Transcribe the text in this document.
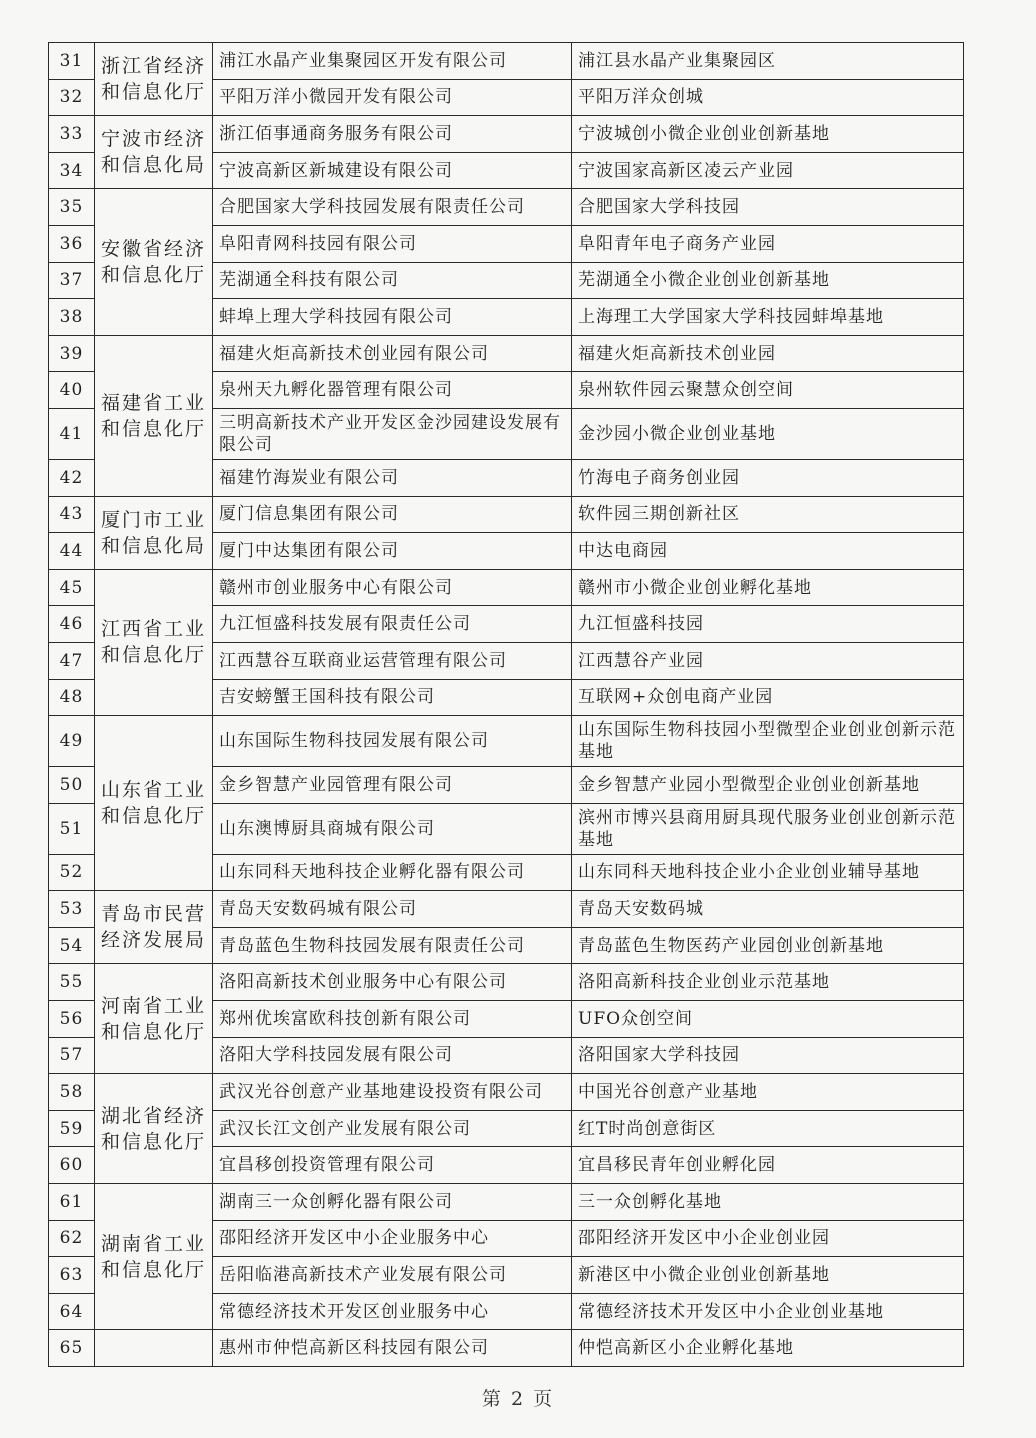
31	浙江省经济和信息化厅	浦江水晶产业集聚园区开发有限公司	浦江县水晶产业集聚园区
32		平阳万洋小微园开发有限公司	平阳万洋众创城
33	宁波市经济和信息化局	浙江佰事通商务服务有限公司	宁波城创小微企业创业创新基地
34		宁波高新区新城建设有限公司	宁波国家高新区凌云产业园
35	安徽省经济和信息化厅	合肥国家大学科技园发展有限责任公司	合肥国家大学科技园
36		阜阳青网科技园有限公司	阜阳青年电子商务产业园
37		芜湖通全科技有限公司	芜湖通全小微企业创业创新基地
38		蚌埠上理大学科技园有限公司	上海理工大学国家大学科技园蚌埠基地
39	福建省工业和信息化厅	福建火炬高新技术创业园有限公司	福建火炬高新技术创业园
40		泉州天九孵化器管理有限公司	泉州软件园云聚慧众创空间
41		三明高新技术产业开发区金沙园建设发展有限公司	金沙园小微企业创业基地
42		福建竹海炭业有限公司	竹海电子商务创业园
43	厦门市工业和信息化局	厦门信息集团有限公司	软件园三期创新社区
44		厦门中达集团有限公司	中达电商园
45	江西省工业和信息化厅	赣州市创业服务中心有限公司	赣州市小微企业创业孵化基地
46		九江恒盛科技发展有限责任公司	九江恒盛科技园
47		江西慧谷互联商业运营管理有限公司	江西慧谷产业园
48		吉安螃蟹王国科技有限公司	互联网+众创电商产业园
49	山东省工业和信息化厅	山东国际生物科技园发展有限公司	山东国际生物科技园小型微型企业创业创新示范基地
50		金乡智慧产业园管理有限公司	金乡智慧产业园小型微型企业创业创新基地
51		山东澳博厨具商城有限公司	滨州市博兴县商用厨具现代服务业创业创新示范基地
52		山东同科天地科技企业孵化器有限公司	山东同科天地科技企业小企业创业辅导基地
53	青岛市民营经济发展局	青岛天安数码城有限公司	青岛天安数码城
54		青岛蓝色生物科技园发展有限责任公司	青岛蓝色生物医药产业园创业创新基地
55	河南省工业和信息化厅	洛阳高新技术创业服务中心有限公司	洛阳高新科技企业创业示范基地
56		郑州优埃富欧科技创新有限公司	UFO众创空间
57		洛阳大学科技园发展有限公司	洛阳国家大学科技园
58	湖北省经济和信息化厅	武汉光谷创意产业基地建设投资有限公司	中国光谷创意产业基地
59		武汉长江文创产业发展有限公司	红T时尚创意街区
60		宜昌移创投资管理有限公司	宜昌移民青年创业孵化园
61	湖南省工业和信息化厅	湖南三一众创孵化器有限公司	三一众创孵化基地
62		邵阳经济开发区中小企业服务中心	邵阳经济开发区中小企业创业园
63		岳阳临港高新技术产业发展有限公司	新港区中小微企业创业创新基地
64		常德经济技术开发区创业服务中心	常德经济技术开发区中小企业创业基地
65		惠州市仲恺高新区科技园有限公司	仲恺高新区小企业孵化基地
第 2 页
